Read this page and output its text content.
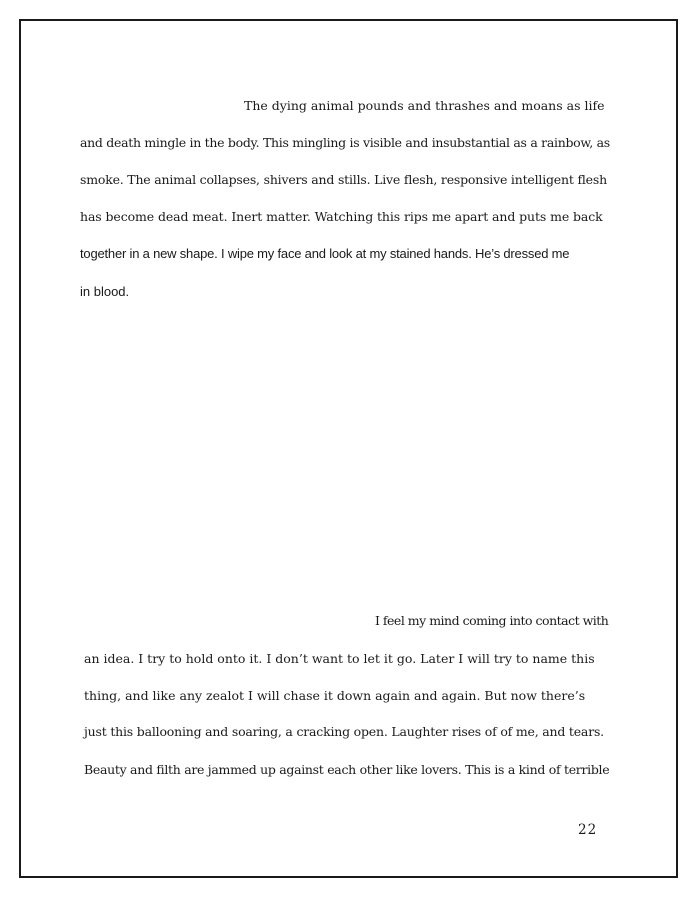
The dying animal pounds and thrashes and moans as life

and death mingle in the body. This mingling is visible and insubstantial as a rainbow, as

smoke. The animal collapses, shivers and stills. Live flesh, responsive intelligent flesh

has become dead meat. Inert matter. Watching this rips me apart and puts me back

together in a new shape. I wipe my face and look at my stained hands. He’s dressed me

in blood.

I feel my mind coming into contact with

an idea. I try to hold onto it. I don’t want to let it go. Later I will try to name this

thing, and like any zealot I will chase it down again and again. But now there’s

just this ballooning and soaring, a cracking open. Laughter rises of of me, and tears.

Beauty and filth are jammed up against each other like lovers. This is a kind of terrible

22
